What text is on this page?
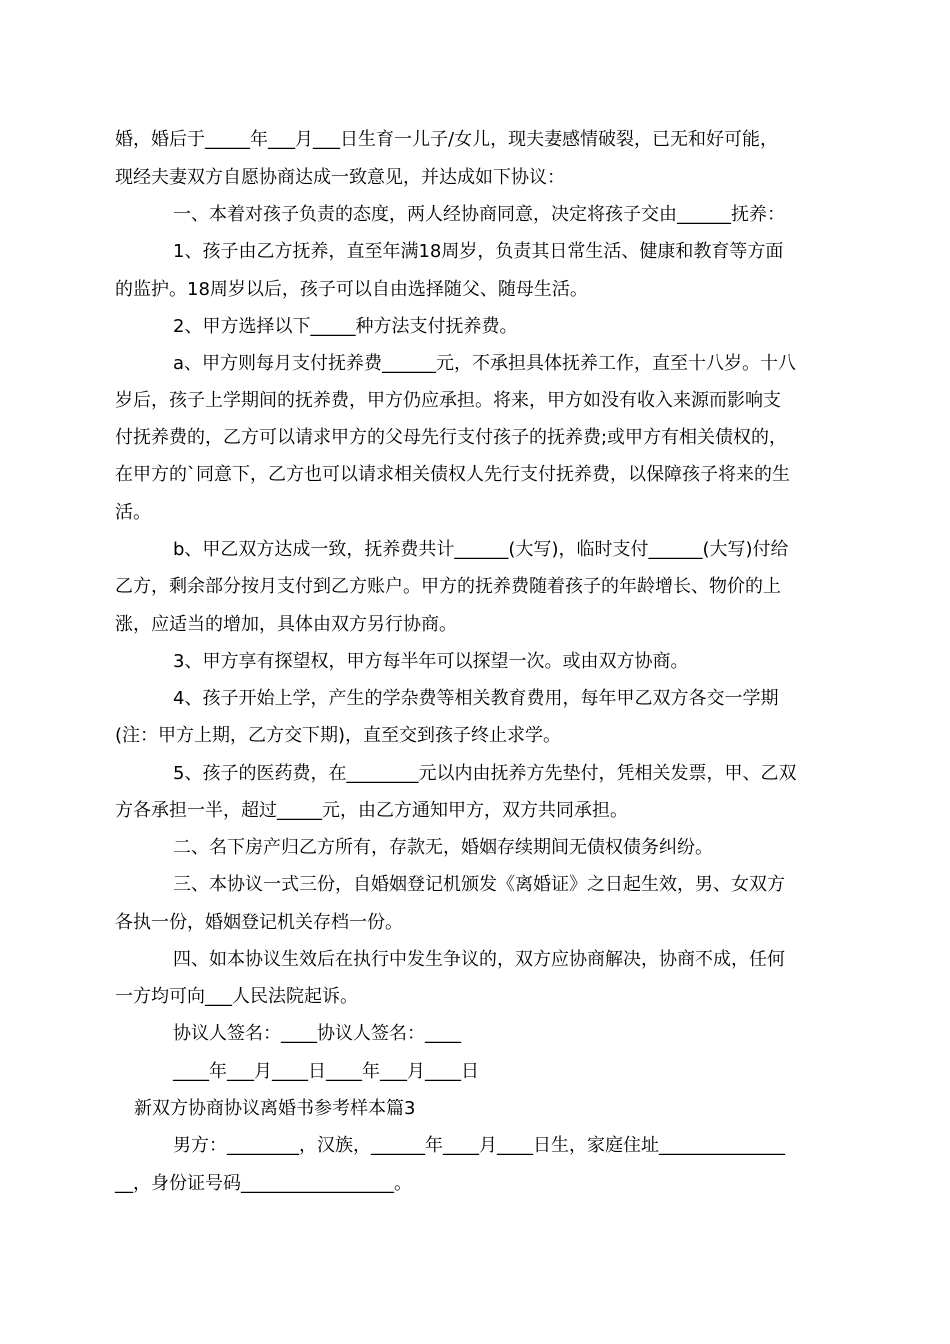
婚，婚后于_____年___月___日生育一儿子/女儿，现夫妻感情破裂，已无和好可能，
现经夫妻双方自愿协商达成一致意见，并达成如下协议：
一、本着对孩子负责的态度，两人经协商同意，决定将孩子交由______抚养：
1、孩子由乙方抚养，直至年满18周岁，负责其日常生活、健康和教育等方面
的监护。18周岁以后，孩子可以自由选择随父、随母生活。
2、甲方选择以下_____种方法支付抚养费。
a、甲方则每月支付抚养费______元，不承担具体抚养工作，直至十八岁。十八
岁后，孩子上学期间的抚养费，甲方仍应承担。将来，甲方如没有收入来源而影响支
付抚养费的，乙方可以请求甲方的父母先行支付孩子的抚养费;或甲方有相关债权的，
在甲方的`同意下，乙方也可以请求相关债权人先行支付抚养费，以保障孩子将来的生
活。
b、甲乙双方达成一致，抚养费共计______(大写)，临时支付______(大写)付给
乙方，剩余部分按月支付到乙方账户。甲方的抚养费随着孩子的年龄增长、物价的上
涨，应适当的增加，具体由双方另行协商。
3、甲方享有探望权，甲方每半年可以探望一次。或由双方协商。
4、孩子开始上学，产生的学杂费等相关教育费用，每年甲乙双方各交一学期
(注：甲方上期，乙方交下期)，直至交到孩子终止求学。
5、孩子的医药费，在________元以内由抚养方先垫付，凭相关发票，甲、乙双
方各承担一半，超过_____元，由乙方通知甲方，双方共同承担。
二、名下房产归乙方所有，存款无，婚姻存续期间无债权债务纠纷。
三、本协议一式三份，自婚姻登记机颁发《离婚证》之日起生效，男、女双方
各执一份，婚姻登记机关存档一份。
四、如本协议生效后在执行中发生争议的，双方应协商解决，协商不成，任何
一方均可向___人民法院起诉。
协议人签名：____协议人签名：____
____年___月____日____年___月____日
新双方协商协议离婚书参考样本篇3
男方：________，汉族，______年____月____日生，家庭住址______________
__，身份证号码_________________。
